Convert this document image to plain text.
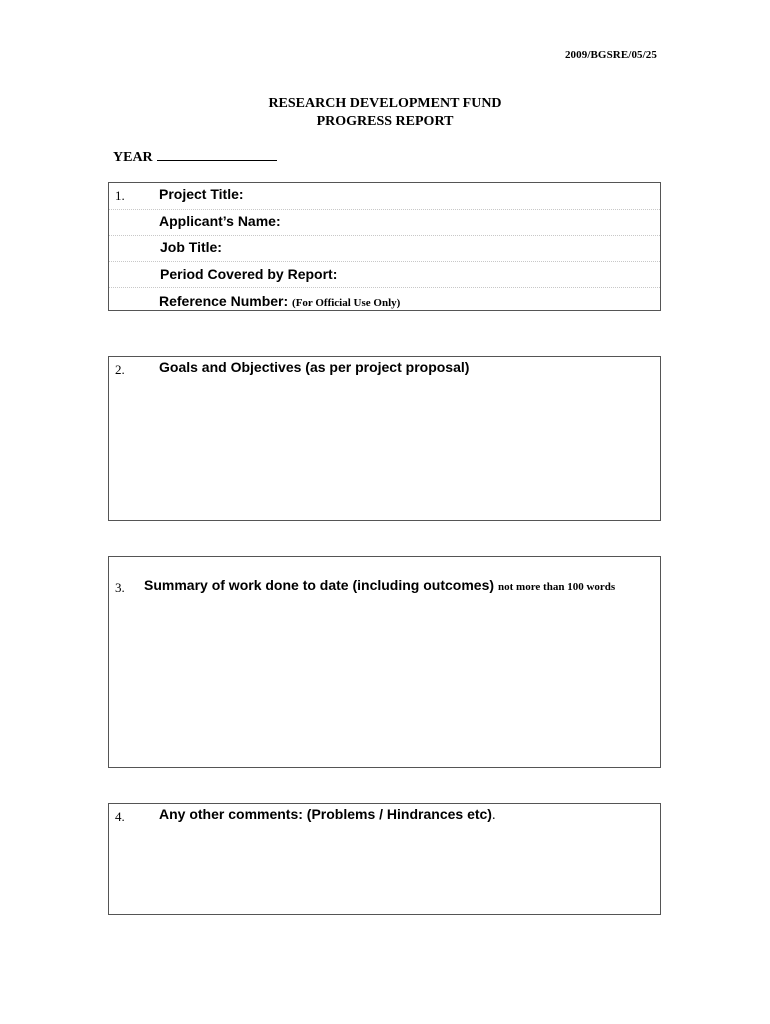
2009/BGSRE/05/25
RESEARCH DEVELOPMENT FUND
PROGRESS REPORT
YEAR
1. Project Title:
Applicant’s Name:
Job Title:
Period Covered by Report:
Reference Number: (For Official Use Only)
2. Goals and Objectives (as per project proposal)
3. Summary of work done to date (including outcomes) not more than 100 words
4. Any other comments: (Problems / Hindrances etc).
